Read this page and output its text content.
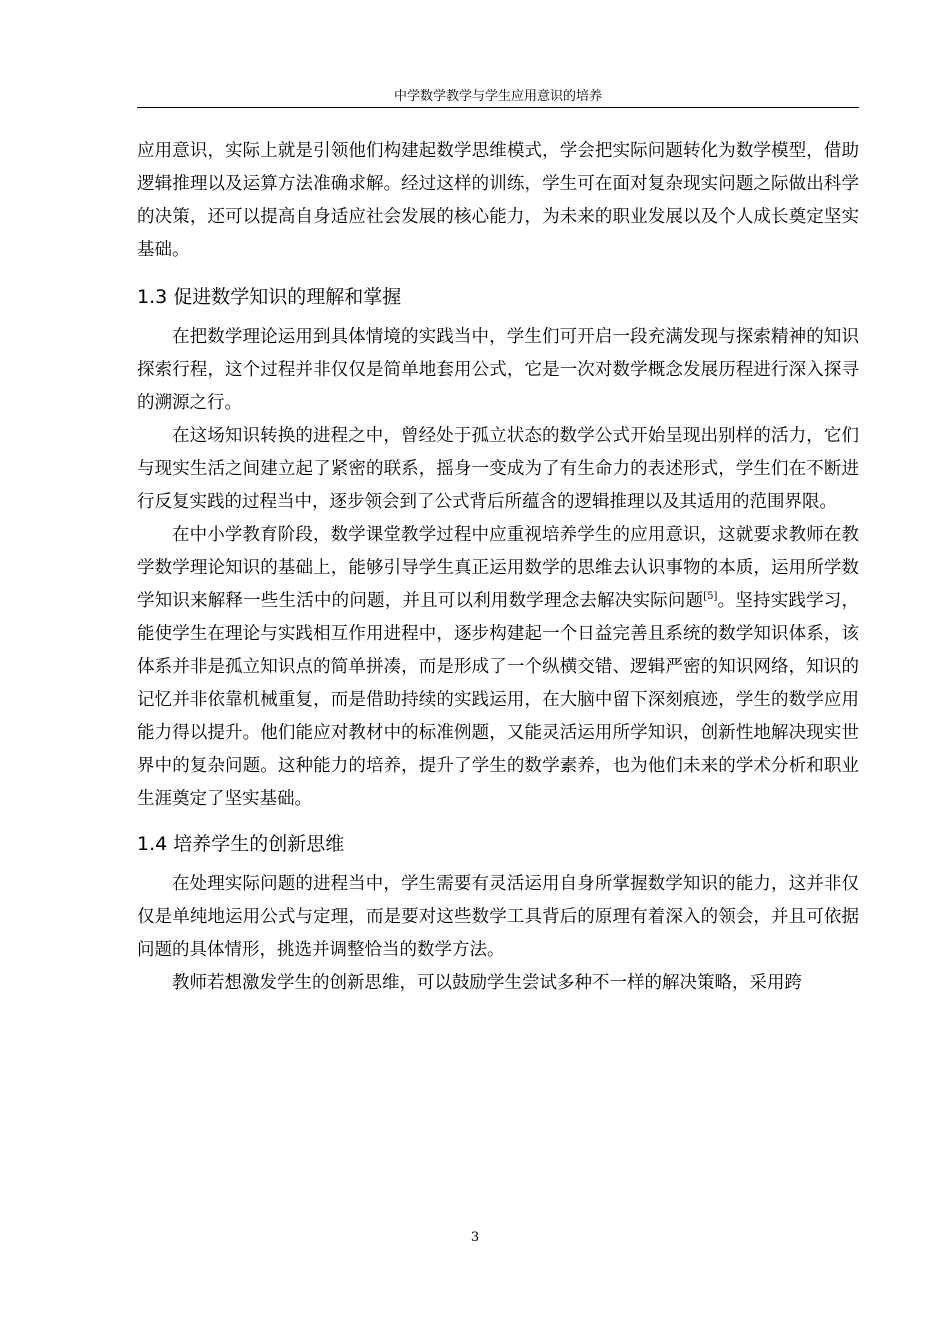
中学数学教学与学生应用意识的培养

应用意识，实际上就是引领他们构建起数学思维模式，学会把实际问题转化为数学模型，借助逻辑推理以及运算方法准确求解。经过这样的训练，学生可在面对复杂现实问题之际做出科学的决策，还可以提高自身适应社会发展的核心能力，为未来的职业发展以及个人成长奠定坚实基础。

1.3 促进数学知识的理解和掌握

在把数学理论运用到具体情境的实践当中，学生们可开启一段充满发现与探索精神的知识探索行程，这个过程并非仅仅是简单地套用公式，它是一次对数学概念发展历程进行深入探寻的溯源之行。

在这场知识转换的进程之中，曾经处于孤立状态的数学公式开始呈现出别样的活力，它们与现实生活之间建立起了紧密的联系，摇身一变成为了有生命力的表述形式，学生们在不断进行反复实践的过程当中，逐步领会到了公式背后所蕴含的逻辑推理以及其适用的范围界限。

在中小学教育阶段，数学课堂教学过程中应重视培养学生的应用意识，这就要求教师在教学数学理论知识的基础上，能够引导学生真正运用数学的思维去认识事物的本质，运用所学数学知识来解释一些生活中的问题，并且可以利用数学理念去解决实际问题[5]。坚持实践学习，能使学生在理论与实践相互作用进程中，逐步构建起一个日益完善且系统的数学知识体系，该体系并非是孤立知识点的简单拼凑，而是形成了一个纵横交错、逻辑严密的知识网络，知识的记忆并非依靠机械重复，而是借助持续的实践运用，在大脑中留下深刻痕迹，学生的数学应用能力得以提升。他们能应对教材中的标准例题，又能灵活运用所学知识，创新性地解决现实世界中的复杂问题。这种能力的培养，提升了学生的数学素养，也为他们未来的学术分析和职业生涯奠定了坚实基础。

1.4 培养学生的创新思维

在处理实际问题的进程当中，学生需要有灵活运用自身所掌握数学知识的能力，这并非仅仅是单纯地运用公式与定理，而是要对这些数学工具背后的原理有着深入的领会，并且可依据问题的具体情形，挑选并调整恰当的数学方法。

教师若想激发学生的创新思维，可以鼓励学生尝试多种不一样的解决策略，采用跨

3
